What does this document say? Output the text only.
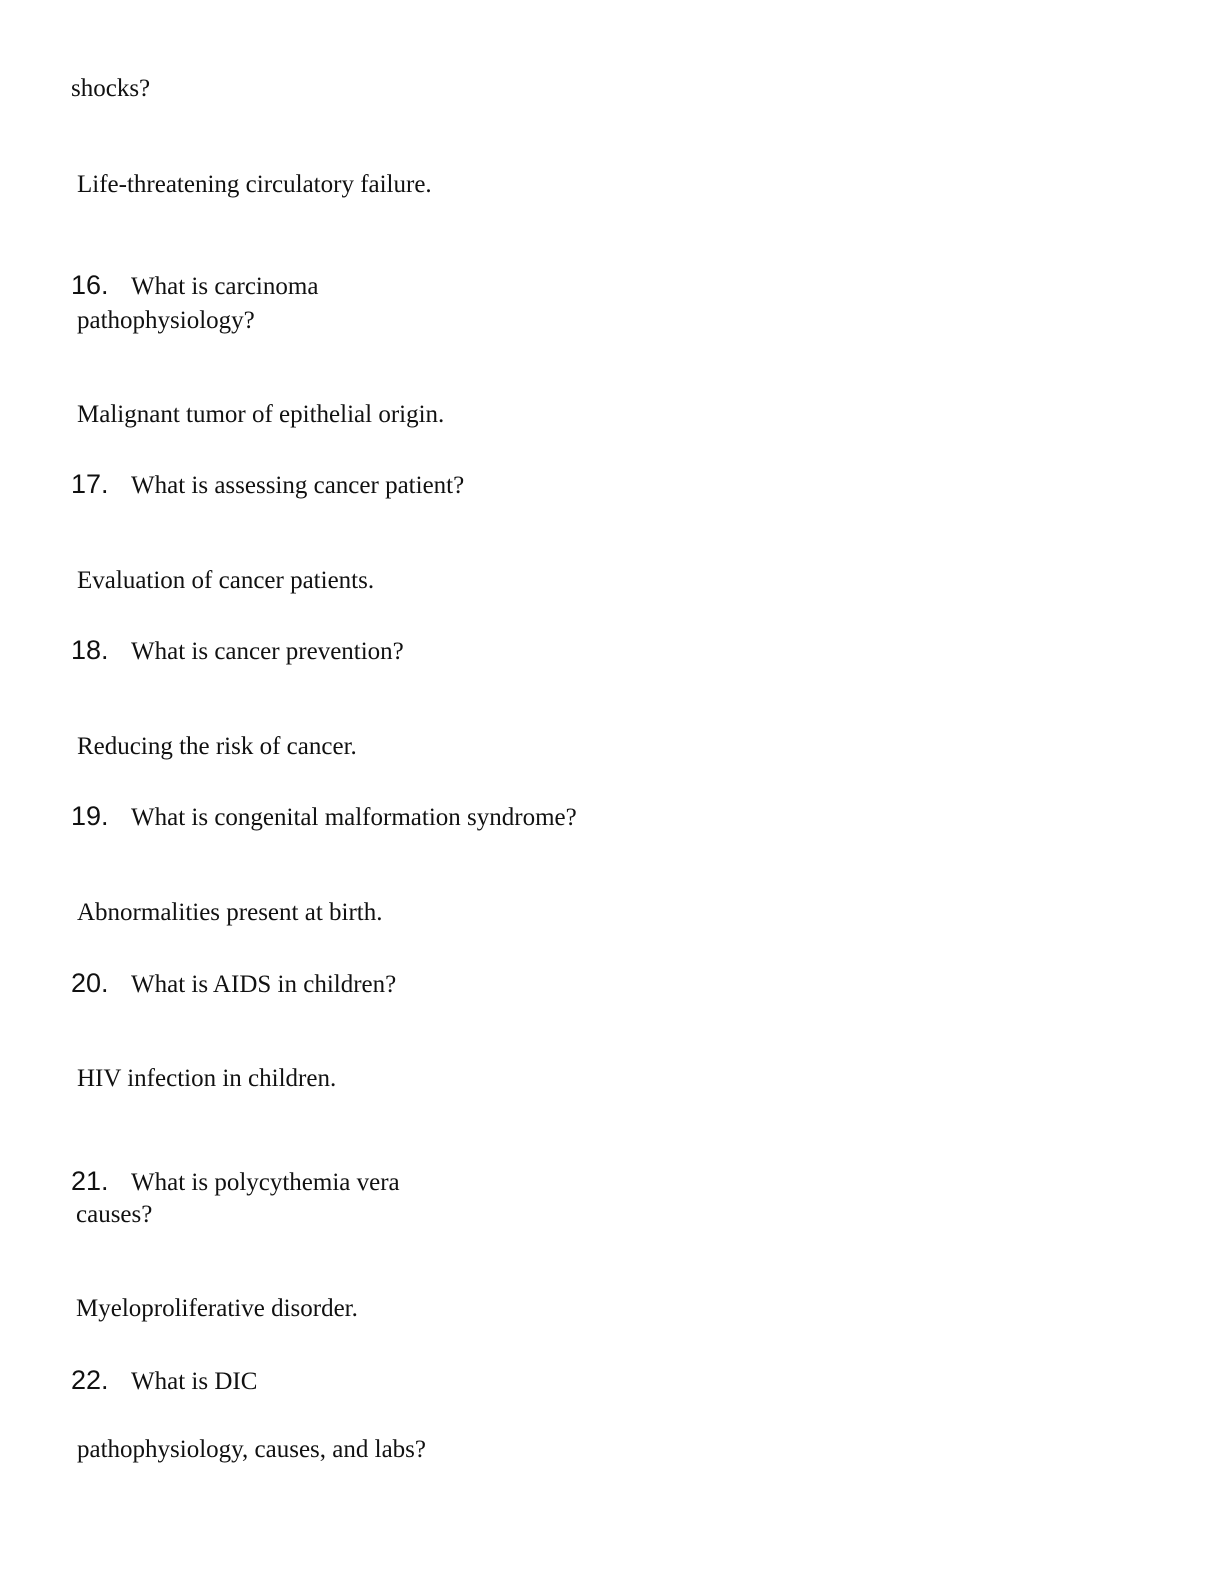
shocks?
Life-threatening circulatory failure.
16. What is carcinoma
pathophysiology?
Malignant tumor of epithelial origin.
17. What is assessing cancer patient?
Evaluation of cancer patients.
18. What is cancer prevention?
Reducing the risk of cancer.
19. What is congenital malformation syndrome?
Abnormalities present at birth.
20. What is AIDS in children?
HIV infection in children.
21. What is polycythemia vera
causes?
Myeloproliferative disorder.
22. What is DIC
pathophysiology, causes, and labs?
